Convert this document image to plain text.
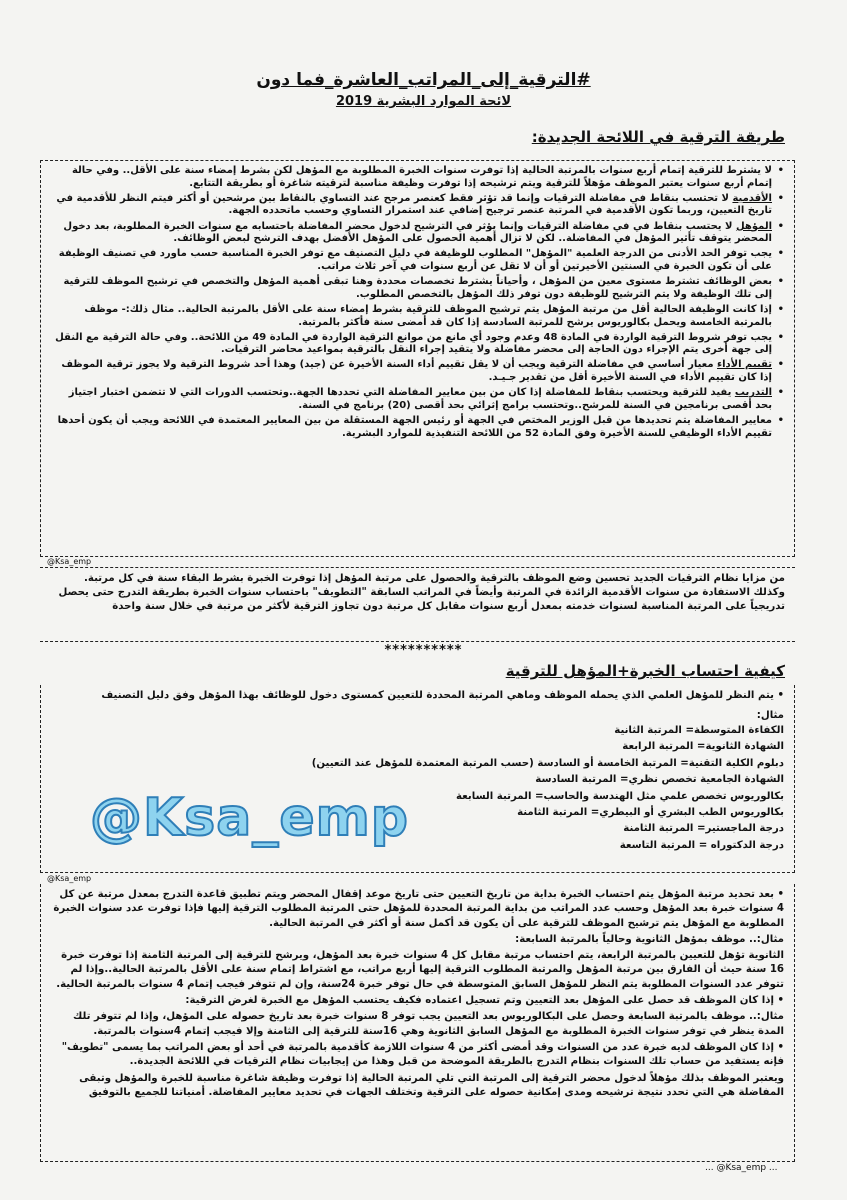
#الترقية_إلى_المراتب_العاشرة_فما دون
لائحة الموارد البشرية 2019
طريقة الترقية في اللائحة الجديدة:
• لا يشترط للترقية إتمام أربع سنوات بالمرتبة الحالية إذا توفرت سنوات الخبرة المطلوبة مع المؤهل لكن بشرط إمضاء سنة على الأقل.. وفي حالة إتمام أربع سنوات يعتبر الموظف مؤهلاً للترقية ويتم ترشيحه إذا توفرت وظيفة مناسبة لترقيته شاغرة أو بطريقة التتابع.
• الأقدمية لا تحتسب بنقاط في مفاضلة الترقيات وإنما قد تؤثر فقط كعنصر مرجح عند التساوي بالنقاط بين مرشحين أو أكثر فيتم النظر للأقدمية في تاريخ التعيين، وربما تكون الأقدمية في المرتبة عنصر ترجيح إضافي عند استمرار التساوي وحسب ماتحدده الجهة.
• المؤهل لا يحتسب بنقاط في في مفاضلة الترقيات وإنما يؤثر في الترشيح لدخول محضر المفاضلة باحتسابه مع سنوات الخبرة المطلوبة، بعد دخول المحضر يتوقف تأثير المؤهل في المفاضلة.. لكن لا تزال أهمية الحصول على المؤهل الأفضل بهدف الترشح لبعض الوظائف.
• يجب توفر الحد الأدنى من الدرجة العلمية "المؤهل" المطلوب للوظيفة في دليل التصنيف مع توفر الخبرة المناسبة حسب ماورد في تصنيف الوظيفة على أن تكون الخبرة في السنتين الأخيرتين أو أن لا تقل عن أربع سنوات في آخر ثلاث مراتب.
• بعض الوظائف تشترط مستوى معين من المؤهل ، وأحياناً يشترط تخصصات محددة وهنا تبقى أهمية المؤهل والتخصص في ترشيح الموظف للترقية إلى تلك الوظيفة ولا يتم الترشيح للوظيفة دون توفر ذلك المؤهل بالتخصص المطلوب.
• إذا كانت الوظيفة الحالية أقل من مرتبة المؤهل يتم ترشيح الموظف للترقية بشرط إمضاء سنة على الأقل بالمرتبة الحالية.. مثال ذلك:- موظف بالمرتبة الخامسة ويحمل بكالوريوس يرشح للمرتبة السادسة إذا كان قد أمضى سنة فأكثر بالمرتبة.
• يجب توفر شروط الترقية الواردة في المادة 48 وعدم وجود أي مانع من موانع الترقية الواردة في المادة 49 من اللائحة.. وفي حالة الترقية مع النقل إلى جهة أخرى يتم الإجراء دون الحاجة إلى محضر مفاضلة ولا يتقيد إجراء النقل بالترقية بمواعيد محاضر الترقيات.
• تقييم الأداء معيار أساسي في مفاضلة الترقية ويجب أن لا يقل تقييم أداء السنة الأخيرة عن (جيد) وهذا أحد شروط الترقية ولا يجوز ترقية الموظف إذا كان تقييم الأداء في السنة الأخيرة أقل من تقدير جـيـد.
• التدريب يفيد للترقية ويحتسب بنقاط للمفاضلة إذا كان من بين معايير المفاضلة التي تحددها الجهة..وتحتسب الدورات التي لا تتضمن اختبار اجتياز بحد أقصى برنامجين في السنة للمرشح..وتحتسب برامج إثرائي بحد أقصى (20) برنامج في السنة.
• معايير المفاضلة يتم تحديدها من قبل الوزير المختص في الجهة أو رئيس الجهة المستقلة من بين المعايير المعتمدة في اللائحة ويجب أن يكون أحدها تقييم الأداء الوظيفي للسنة الأخيرة وفق المادة 52 من اللائحة التنفيذية للموارد البشرية.
@Ksa_emp
من مزايا نظام الترقيات الجديد تحسين وضع الموظف بالترقية والحصول على مرتبة المؤهل إذا توفرت الخبرة بشرط البقاء سنة في كل مرتبة.
وكذلك الاستفادة من سنوات الأقدمية الزائدة في المرتبة وأيضاً في المراتب السابقة "التطويف" باحتساب سنوات الخبرة بطريقة التدرج حتى يحصل تدريجياً على المرتبة المناسبة لسنوات خدمته بمعدل أربع سنوات مقابل كل مرتبة دون تجاوز الترقية لأكثر من مرتبة في خلال سنة واحدة
**********
كيفية احتساب الخبرة+المؤهل للترقية
• يتم النظر للمؤهل العلمي الذي يحمله الموظف وماهي المرتبة المحددة للتعيين كمستوى دخول للوظائف بهذا المؤهل وفق دليل التصنيف
مثال:
الكفاءة المتوسطة= المرتبة الثانية
الشهادة الثانوية= المرتبة الرابعة
دبلوم الكلية التقنية= المرتبة الخامسة أو السادسة (حسب المرتبة المعتمدة للمؤهل عند التعيين)
الشهادة الجامعية تخصص نظري= المرتبة السادسة
بكالوريوس تخصص علمي مثل الهندسة والحاسب= المرتبة السابعة
بكالوريوس الطب البشري أو البيطري= المرتبة الثامنة
درجة الماجستير= المرتبة الثامنة
درجة الدكتوراه = المرتبة التاسعة
@Ksa_emp
@Ksa_emp
• بعد تحديد مرتبة المؤهل يتم احتساب الخبرة بداية من تاريخ التعيين حتى تاريخ موعد إقفال المحضر ويتم تطبيق قاعدة التدرج بمعدل مرتبة عن كل 4 سنوات خبرة بعد المؤهل وحسب عدد المراتب من بداية المرتبة المحددة للمؤهل حتى المرتبة المطلوب الترقية إليها فإذا توفرت عدد سنوات الخبرة المطلوبة مع المؤهل يتم ترشيح الموظف للترقية على أن يكون قد أكمل سنة أو أكثر في المرتبة الحالية.
مثال:.. موظف بمؤهل الثانوية وحالياً بالمرتبة السابعة:
الثانوية تؤهل للتعيين بالمرتبة الرابعة، يتم احتساب مرتبة مقابل كل 4 سنوات خبرة بعد المؤهل، ويرشح للترقية إلى المرتبة الثامنة إذا توفرت خبرة 16 سنة حيث أن الفارق بين مرتبة المؤهل والمرتبة المطلوب الترقية إليها أربع مراتب، مع اشتراط إتمام سنة على الأقل بالمرتبة الحالية..وإذا لم تتوفر عدد السنوات المطلوبة يتم النظر للمؤهل السابق المتوسطة في حال توفر خبرة 24سنة، وإن لم تتوفر فيجب إتمام 4 سنوات بالمرتبة الحالية.
• إذا كان الموظف قد حصل على المؤهل بعد التعيين وتم تسجيل اعتماده فكيف يحتسب المؤهل مع الخبرة لغرض الترقية:
مثال:.. موظف بالمرتبة السابعة وحصل على البكالوريوس بعد التعيين يجب توفر 8 سنوات خبرة بعد تاريخ حصوله على المؤهل، وإذا لم تتوفر تلك المدة ينظر في توفر سنوات الخبرة المطلوبة مع المؤهل السابق الثانوية وهي 16سنة للترقية إلى الثامنة وإلا فيجب إتمام 4سنوات بالمرتبة.
• إذا كان الموظف لديه خبرة عدد من السنوات وقد أمضى أكثر من 4 سنوات اللازمة كأقدمية بالمرتبة في أحد أو بعض المراتب بما يسمى "تطويف" فإنه يستفيد من حساب تلك السنوات بنظام التدرج بالطريقة الموضحة من قبل وهذا من إيجابيات نظام الترقيات في اللائحة الجديدة..
ويعتبر الموظف بذلك مؤهلاً لدخول محضر الترقية إلى المرتبة التي تلي المرتبة الحالية إذا توفرت وظيفة شاغرة مناسبة للخبرة والمؤهل وتبقى المفاضلة هي التي تحدد نتيجة ترشيحه ومدى إمكانية حصوله على الترقية وتختلف الجهات في تحديد معايير المفاضلة. أمنياتنا للجميع بالتوفيق
... @Ksa_emp ...
